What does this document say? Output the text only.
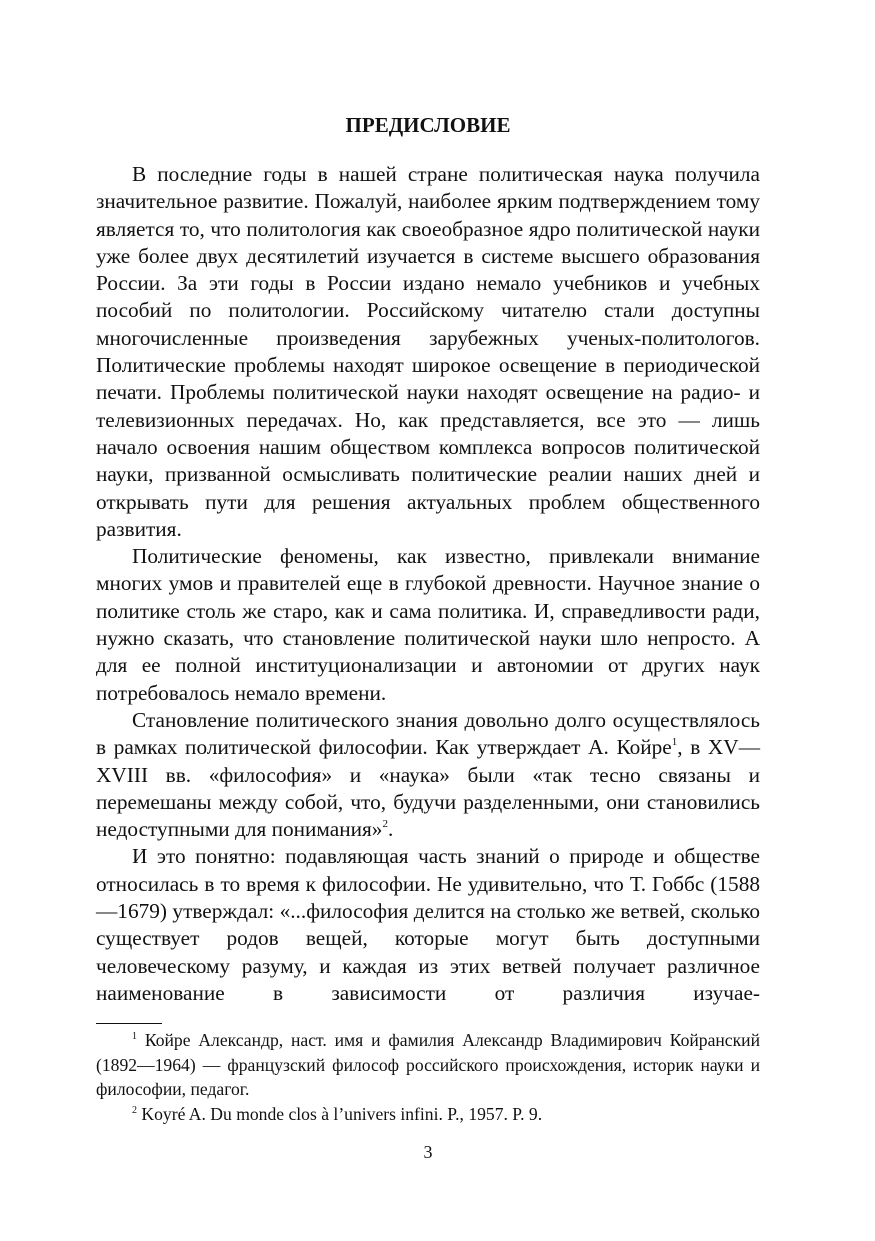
ПРЕДИСЛОВИЕ

В последние годы в нашей стране политическая наука получила значительное развитие. Пожалуй, наиболее ярким подтверждением тому является то, что политология как своеобразное ядро политической науки уже более двух десятилетий изучается в системе высшего образования России. За эти годы в России издано немало учебников и учебных пособий по политологии. Российскому читателю стали доступны многочисленные произведения зарубежных ученых-политологов. Политические проблемы находят широкое освещение в периодической печати. Проблемы политической науки находят освещение на радио- и телевизионных передачах. Но, как представляется, все это — лишь начало освоения нашим обществом комплекса вопросов политической науки, призванной осмысливать политические реалии наших дней и открывать пути для решения актуальных проблем общественного развития.

Политические феномены, как известно, привлекали внимание многих умов и правителей еще в глубокой древности. Научное знание о политике столь же старо, как и сама политика. И, справедливости ради, нужно сказать, что становление политической науки шло непросто. А для ее полной институционализации и автономии от других наук потребовалось немало времени.

Становление политического знания довольно долго осуществлялось в рамках политической философии. Как утверждает А. Койре$^1$, в XV—XVIII вв. «философия» и «наука» были «так тесно связаны и перемешаны между собой, что, будучи разделенными, они становились недоступными для понимания»$^2$.

И это понятно: подавляющая часть знаний о природе и обществе относилась в то время к философии. Не удивительно, что Т. Гоббс (1588—1679) утверждал: «...философия делится на столько же ветвей, сколько существует родов вещей, которые могут быть доступными человеческому разуму, и каждая из этих ветвей получает различное наименование в зависимости от различия изучае-

$^1$ Койре Александр, наст. имя и фамилия Александр Владимирович Койранский (1892—1964) — французский философ российского происхождения, историк науки и философии, педагог.

$^2$ Koyré A. Du monde clos à l’univers infini. P., 1957. P. 9.

3
